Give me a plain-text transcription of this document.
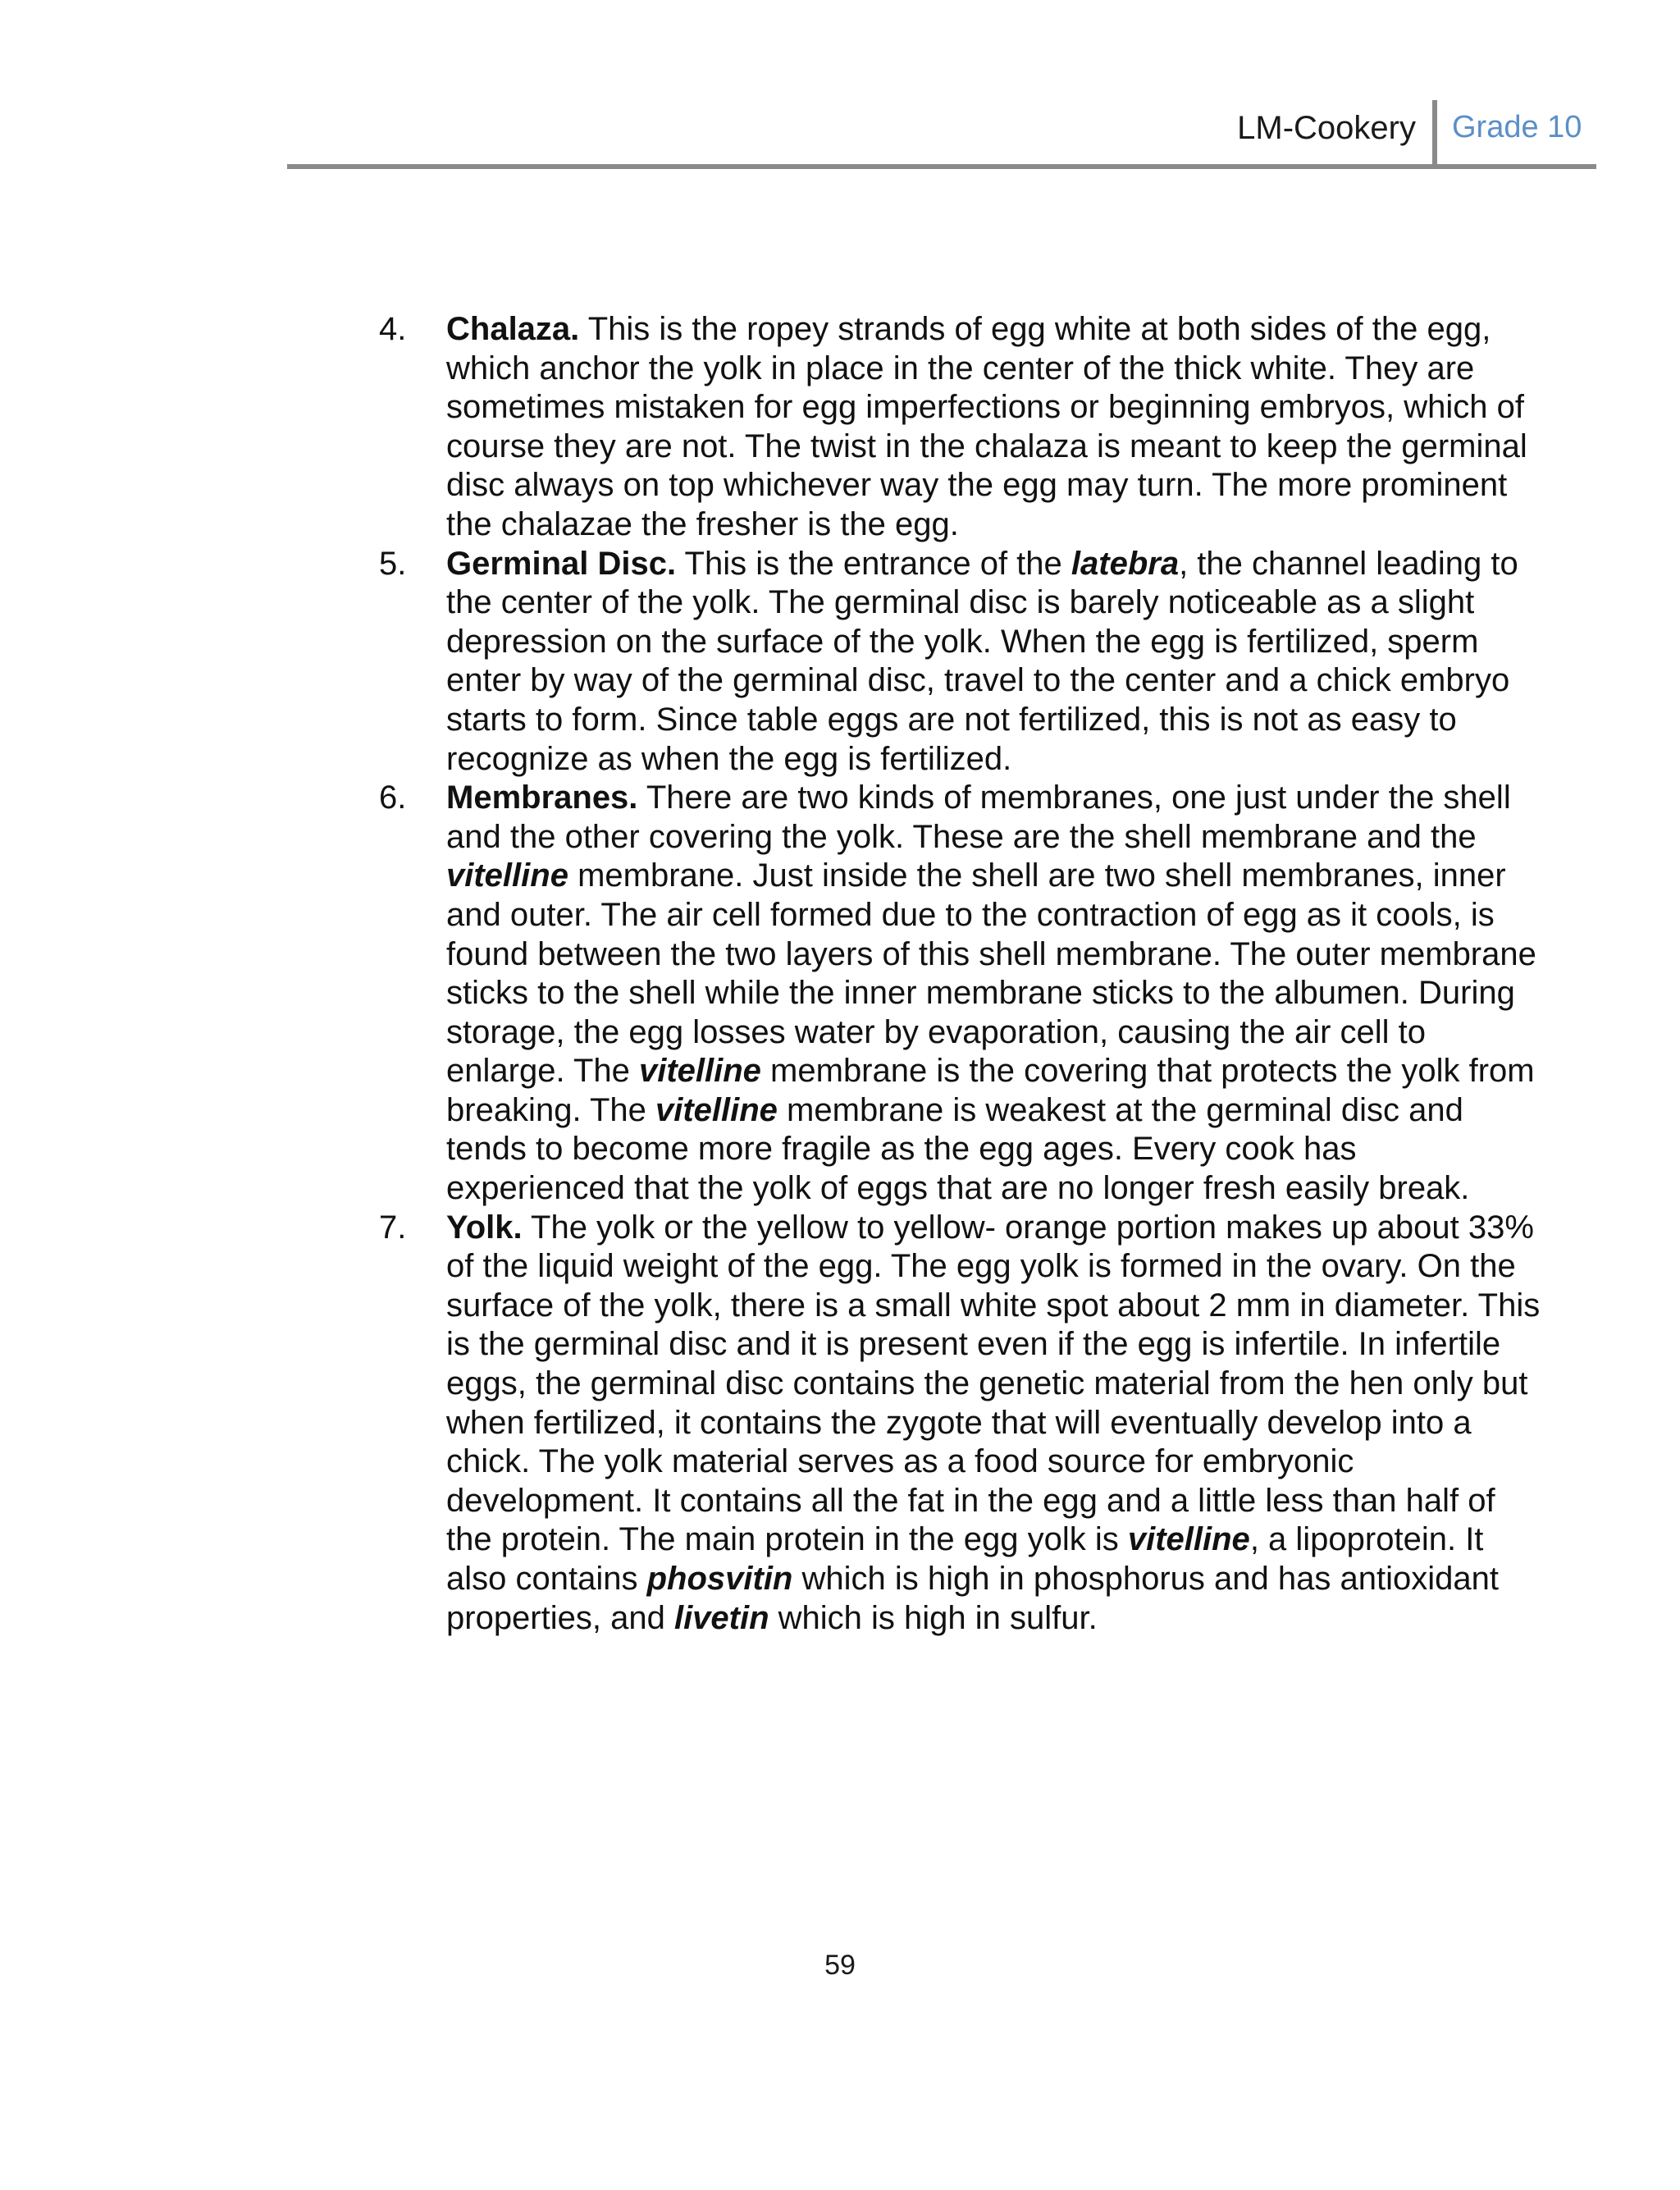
LM-Cookery Grade 10
4. Chalaza. This is the ropey strands of egg white at both sides of the egg, which anchor the yolk in place in the center of the thick white. They are sometimes mistaken for egg imperfections or beginning embryos, which of course they are not. The twist in the chalaza is meant to keep the germinal disc always on top whichever way the egg may turn. The more prominent the chalazae the fresher is the egg.

5. Germinal Disc. This is the entrance of the latebra, the channel leading to the center of the yolk. The germinal disc is barely noticeable as a slight depression on the surface of the yolk. When the egg is fertilized, sperm enter by way of the germinal disc, travel to the center and a chick embryo starts to form. Since table eggs are not fertilized, this is not as easy to recognize as when the egg is fertilized.

6. Membranes. There are two kinds of membranes, one just under the shell and the other covering the yolk. These are the shell membrane and the vitelline membrane. Just inside the shell are two shell membranes, inner and outer. The air cell formed due to the contraction of egg as it cools, is found between the two layers of this shell membrane. The outer membrane sticks to the shell while the inner membrane sticks to the albumen. During storage, the egg losses water by evaporation, causing the air cell to enlarge. The vitelline membrane is the covering that protects the yolk from breaking. The vitelline membrane is weakest at the germinal disc and tends to become more fragile as the egg ages. Every cook has experienced that the yolk of eggs that are no longer fresh easily break.

7. Yolk. The yolk or the yellow to yellow- orange portion makes up about 33% of the liquid weight of the egg. The egg yolk is formed in the ovary. On the surface of the yolk, there is a small white spot about 2 mm in diameter. This is the germinal disc and it is present even if the egg is infertile. In infertile eggs, the germinal disc contains the genetic material from the hen only but when fertilized, it contains the zygote that will eventually develop into a chick. The yolk material serves as a food source for embryonic development. It contains all the fat in the egg and a little less than half of the protein. The main protein in the egg yolk is vitelline, a lipoprotein. It also contains phosvitin which is high in phosphorus and has antioxidant properties, and livetin which is high in sulfur.

59
